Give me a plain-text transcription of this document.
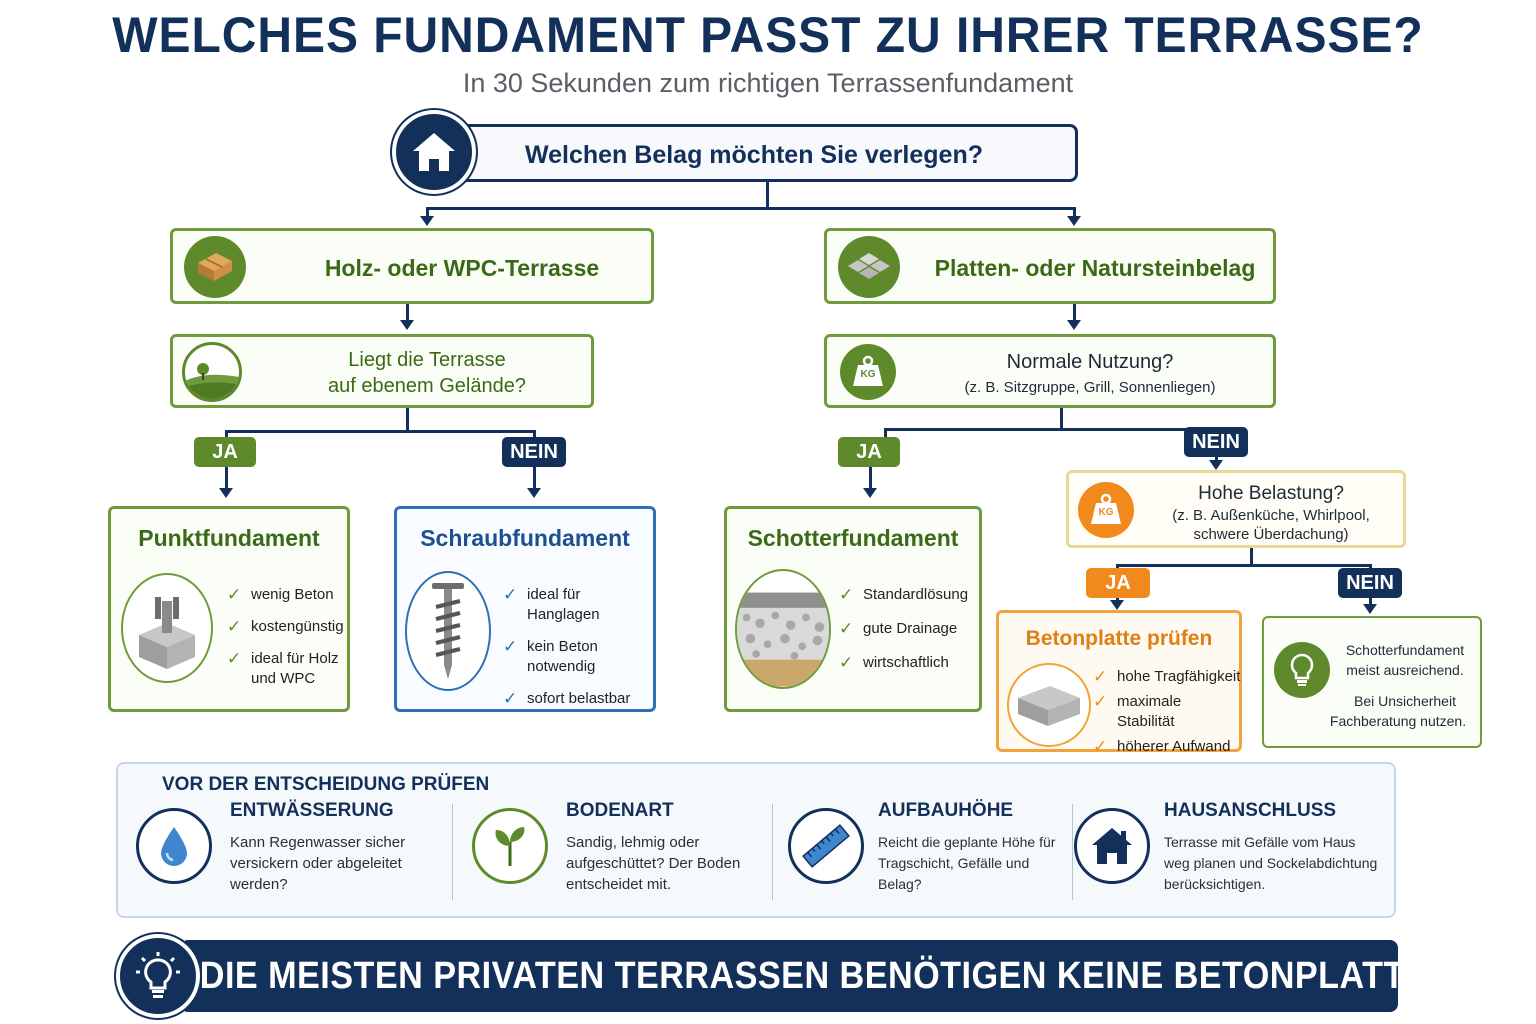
WELCHES FUNDAMENT PASST ZU IHRER TERRASSE?
In 30 Sekunden zum richtigen Terrassenfundament
Welchen Belag möchten Sie verlegen?
Holz- oder WPC-Terrasse	Platten- oder Natursteinbelag
Liegt die Terrasse
auf ebenem Gelände?
Normale Nutzung?
(z. B. Sitzgruppe, Grill, Sonnenliegen)
KG
JA	NEIN	JA	NEIN
Punktfundament
✓ wenig Beton
✓ kostengünstig
✓ ideal für Holz
und WPC
Schraubfundament
✓ ideal für Hanglagen
✓ kein Beton
notwendig
✓ sofort belastbar
Schotterfundament
✓ Standardlösung
✓ gute Drainage
✓ wirtschaftlich
Hohe Belastung?
(z. B. Außenküche, Whirlpool,
schwere Überdachung)
KG
JA	NEIN
Betonplatte prüfen
✓ hohe Tragfähigkeit
✓ maximale Stabilität
✓ höherer Aufwand
Schotterfundament
meist ausreichend.
Bei Unsicherheit
Fachberatung nutzen.
VOR DER ENTSCHEIDUNG PRÜFEN
ENTWÄSSERUNG
Kann Regenwasser sicher
versickern oder abgeleitet
werden?
BODENART
Sandig, lehmig oder
aufgeschüttet? Der Boden
entscheidet mit.
AUFBAUHÖHE
Reicht die geplante Höhe für
Tragschicht, Gefälle und
Belag?
HAUSANSCHLUSS
Terrasse mit Gefälle vom Haus
weg planen und Sockelabdichtung
berücksichtigen.
DIE MEISTEN PRIVATEN TERRASSEN BENÖTIGEN KEINE BETONPLATTE.
